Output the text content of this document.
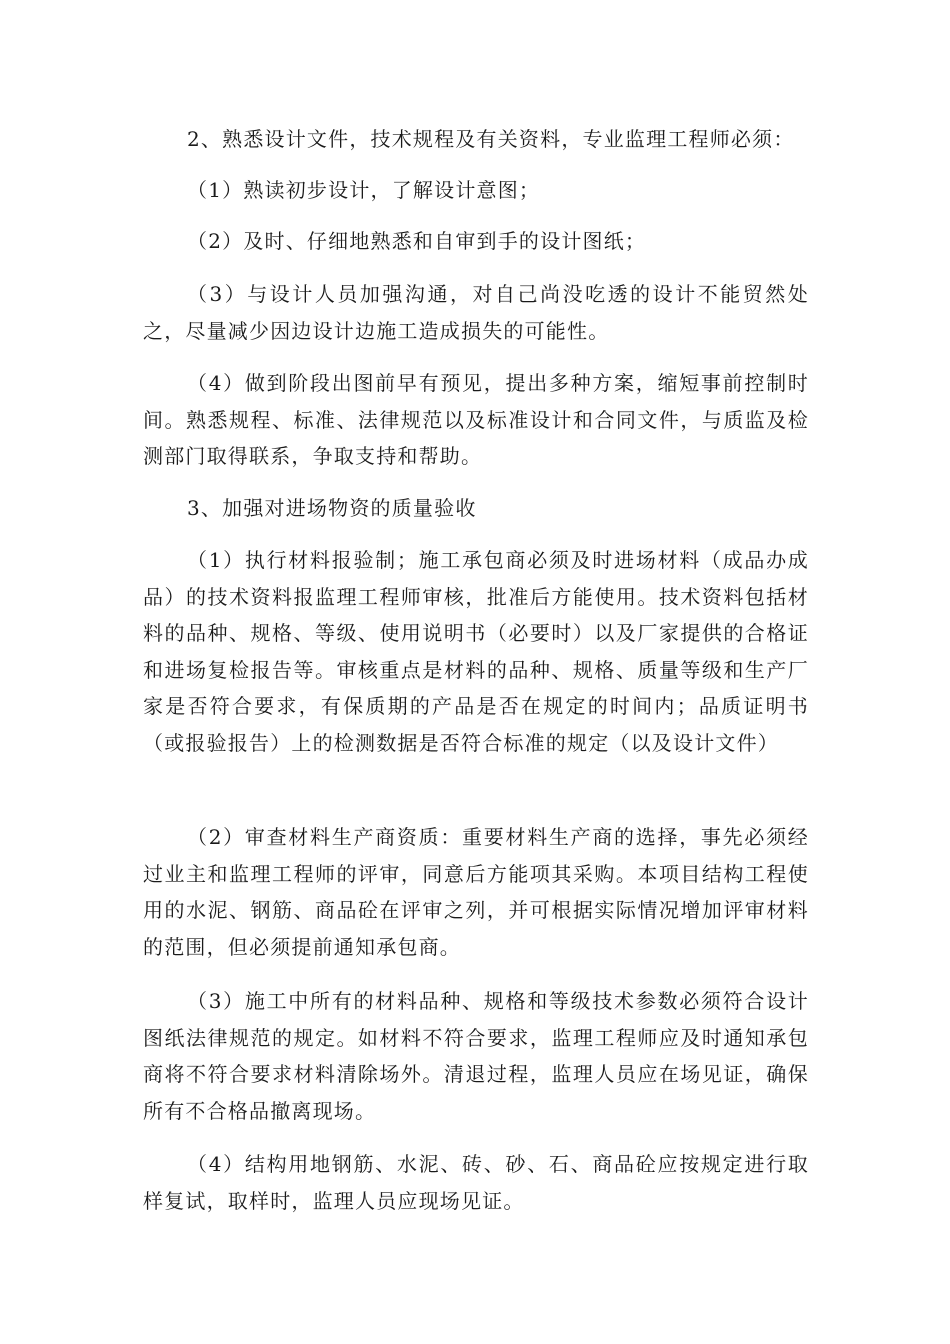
2、熟悉设计文件，技术规程及有关资料，专业监理工程师必须：

（1）熟读初步设计，了解设计意图；

（2）及时、仔细地熟悉和自审到手的设计图纸；

（3）与设计人员加强沟通，对自己尚没吃透的设计不能贸然处之，尽量减少因边设计边施工造成损失的可能性。

（4）做到阶段出图前早有预见，提出多种方案，缩短事前控制时间。熟悉规程、标准、法律规范以及标准设计和合同文件，与质监及检测部门取得联系，争取支持和帮助。

3、加强对进场物资的质量验收

（1）执行材料报验制；施工承包商必须及时进场材料（成品办成品）的技术资料报监理工程师审核，批准后方能使用。技术资料包括材料的品种、规格、等级、使用说明书（必要时）以及厂家提供的合格证和进场复检报告等。审核重点是材料的品种、规格、质量等级和生产厂家是否符合要求，有保质期的产品是否在规定的时间内；品质证明书（或报验报告）上的检测数据是否符合标准的规定（以及设计文件）

（2）审查材料生产商资质：重要材料生产商的选择，事先必须经过业主和监理工程师的评审，同意后方能项其采购。本项目结构工程使用的水泥、钢筋、商品砼在评审之列，并可根据实际情况增加评审材料的范围，但必须提前通知承包商。

（3）施工中所有的材料品种、规格和等级技术参数必须符合设计图纸法律规范的规定。如材料不符合要求，监理工程师应及时通知承包商将不符合要求材料清除场外。清退过程，监理人员应在场见证，确保所有不合格品撤离现场。

（4）结构用地钢筋、水泥、砖、砂、石、商品砼应按规定进行取样复试，取样时，监理人员应现场见证。
